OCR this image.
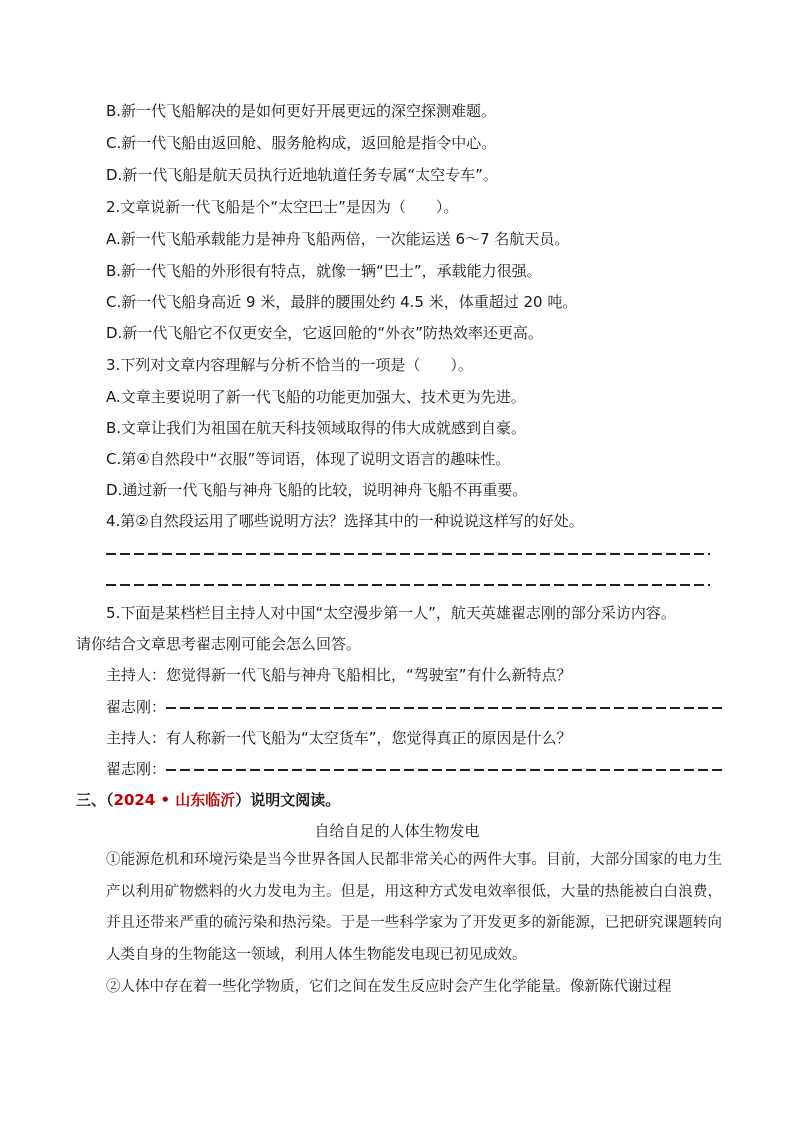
B.新一代飞船解决的是如何更好开展更远的深空探测难题。
C.新一代飞船由返回舱、服务舱构成，返回舱是指令中心。
D.新一代飞船是航天员执行近地轨道任务专属“太空专车”。
2.文章说新一代飞船是个“太空巴士”是因为（ ）。
A.新一代飞船承载能力是神舟飞船两倍，一次能运送 6～7 名航天员。
B.新一代飞船的外形很有特点，就像一辆“巴士”，承载能力很强。
C.新一代飞船身高近 9 米，最胖的腰围处约 4.5 米，体重超过 20 吨。
D.新一代飞船它不仅更安全，它返回舱的“外衣”防热效率还更高。
3.下列对文章内容理解与分析不恰当的一项是（ ）。
A.文章主要说明了新一代飞船的功能更加强大、技术更为先进。
B.文章让我们为祖国在航天科技领域取得的伟大成就感到自豪。
C.第④自然段中“衣服”等词语，体现了说明文语言的趣味性。
D.通过新一代飞船与神舟飞船的比较，说明神舟飞船不再重要。
4.第②自然段运用了哪些说明方法？选择其中的一种说说这样写的好处。
5.下面是某档栏目主持人对中国“太空漫步第一人”，航天英雄翟志刚的部分采访内容。
请你结合文章思考翟志刚可能会怎么回答。
主持人：您觉得新一代飞船与神舟飞船相比，“驾驶室”有什么新特点？
翟志刚：
主持人：有人称新一代飞船为“太空货车”，您觉得真正的原因是什么？
翟志刚：
三、（2024 • 山东临沂）说明文阅读。
自给自足的人体生物发电
①能源危机和环境污染是当今世界各国人民都非常关心的两件大事。目前，大部分国家的电力生产以利用矿物燃料的火力发电为主。但是，用这种方式发电效率很低，大量的热能被白白浪费，并且还带来严重的硫污染和热污染。于是一些科学家为了开发更多的新能源，已把研究课题转向人类自身的生物能这一领域，利用人体生物能发电现已初见成效。
②人体中存在着一些化学物质，它们之间在发生反应时会产生化学能量。像新陈代谢过程
